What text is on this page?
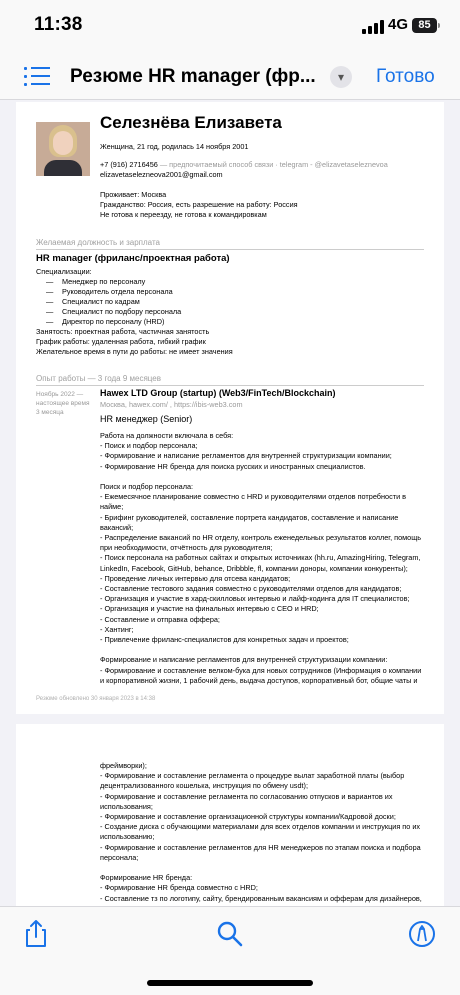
11:38	4G 85
Резюме HR manager (фр...	▾	Готово
Селезнёва Елизавета
Женщина, 21 год, родилась 14 ноября 2001
+7 (916) 2716456 — предпочитаемый способ связи · telegram - @elizavetaseleznevoa
elizavetaselezneova2001@gmail.com
Проживает: Москва
Гражданство: Россия, есть разрешение на работу: Россия
Не готова к переезду, не готова к командировкам
Желаемая должность и зарплата
HR manager (фриланс/проектная работа)
Специализации:
— Менеджер по персоналу
— Руководитель отдела персонала
— Специалист по кадрам
— Специалист по подбору персонала
— Директор по персоналу (HRD)
Занятость: проектная работа, частичная занятость
График работы: удаленная работа, гибкий график
Желательное время в пути до работы: не имеет значения
Опыт работы — 3 года 9 месяцев
Ноябрь 2022 —
настоящее время
3 месяца
Hawex LTD Group (startup) (Web3/FinTech/Blockchain)
Москва, hawex.com/ , https://ibis-web3.com
HR менеджер (Senior)
Работа на должности включала в себя:
- Поиск и подбор персонала;
- Формирование и написание регламентов для внутренней структуризации компании;
- Формирование HR бренда для поиска русских и иностранных специалистов.
Поиск и подбор персонала:
- Ежемесячное планирование совместно с HRD и руководителями отделов потребности в
найме;
- Брифинг руководителей, составление портрета кандидатов, составление и написание
вакансий;
- Распределение вакансий по HR отделу, контроль еженедельных результатов коллег, помощь
при необходимости, отчётность для руководителя;
- Поиск персонала на работных сайтах и открытых источниках (hh.ru, AmazingHiring, Telegram,
LinkedIn, Facebook, GitHub, behance, Dribbble, fl, компании доноры, компании конкуренты);
- Проведение личных интервью для отсева кандидатов;
- Составление тестового задания совместно с руководителями отделов для кандидатов;
- Организация и участие в хард-скилловых интервью и лайф-кодинга для IT специалистов;
- Организация и участие на финальных интервью с CEO и HRD;
- Составление и отправка оффера;
- Хантинг;
- Привлечение фриланс-специалистов для конкретных задач и проектов;
Формирование и написание регламентов для внутренней структуризации компании:
- Формирование и составление велком-бука для новых сотрудников (Информация о компании
и корпоративной жизни, 1 рабочий день, выдача доступов, корпоративный бот, общие чаты и
Резюме обновлено 30 января 2023 в 14:38
фреймворки);
- Формирование и составление регламента о процедуре вылат заработной платы (выбор
децентрализованного кошелька, инструкция по обмену usdt);
- Формирование и составление регламента по согласованию отпусков и вариантов их
использования;
- Формирование и составление организационной структуры компании/Кадровой доски;
- Создание диска с обучающими материалами для всех отделов компании и инструкция по их
использованию;
- Формирование и составление регламентов для HR менеджеров по этапам поиска и подбора
персонала;
Формирование HR бренда:
- Формирование HR бренда совместно с HRD;
- Составление тз по логотипу, сайту, брендированным вакансиям и офферам для дизайнеров,
